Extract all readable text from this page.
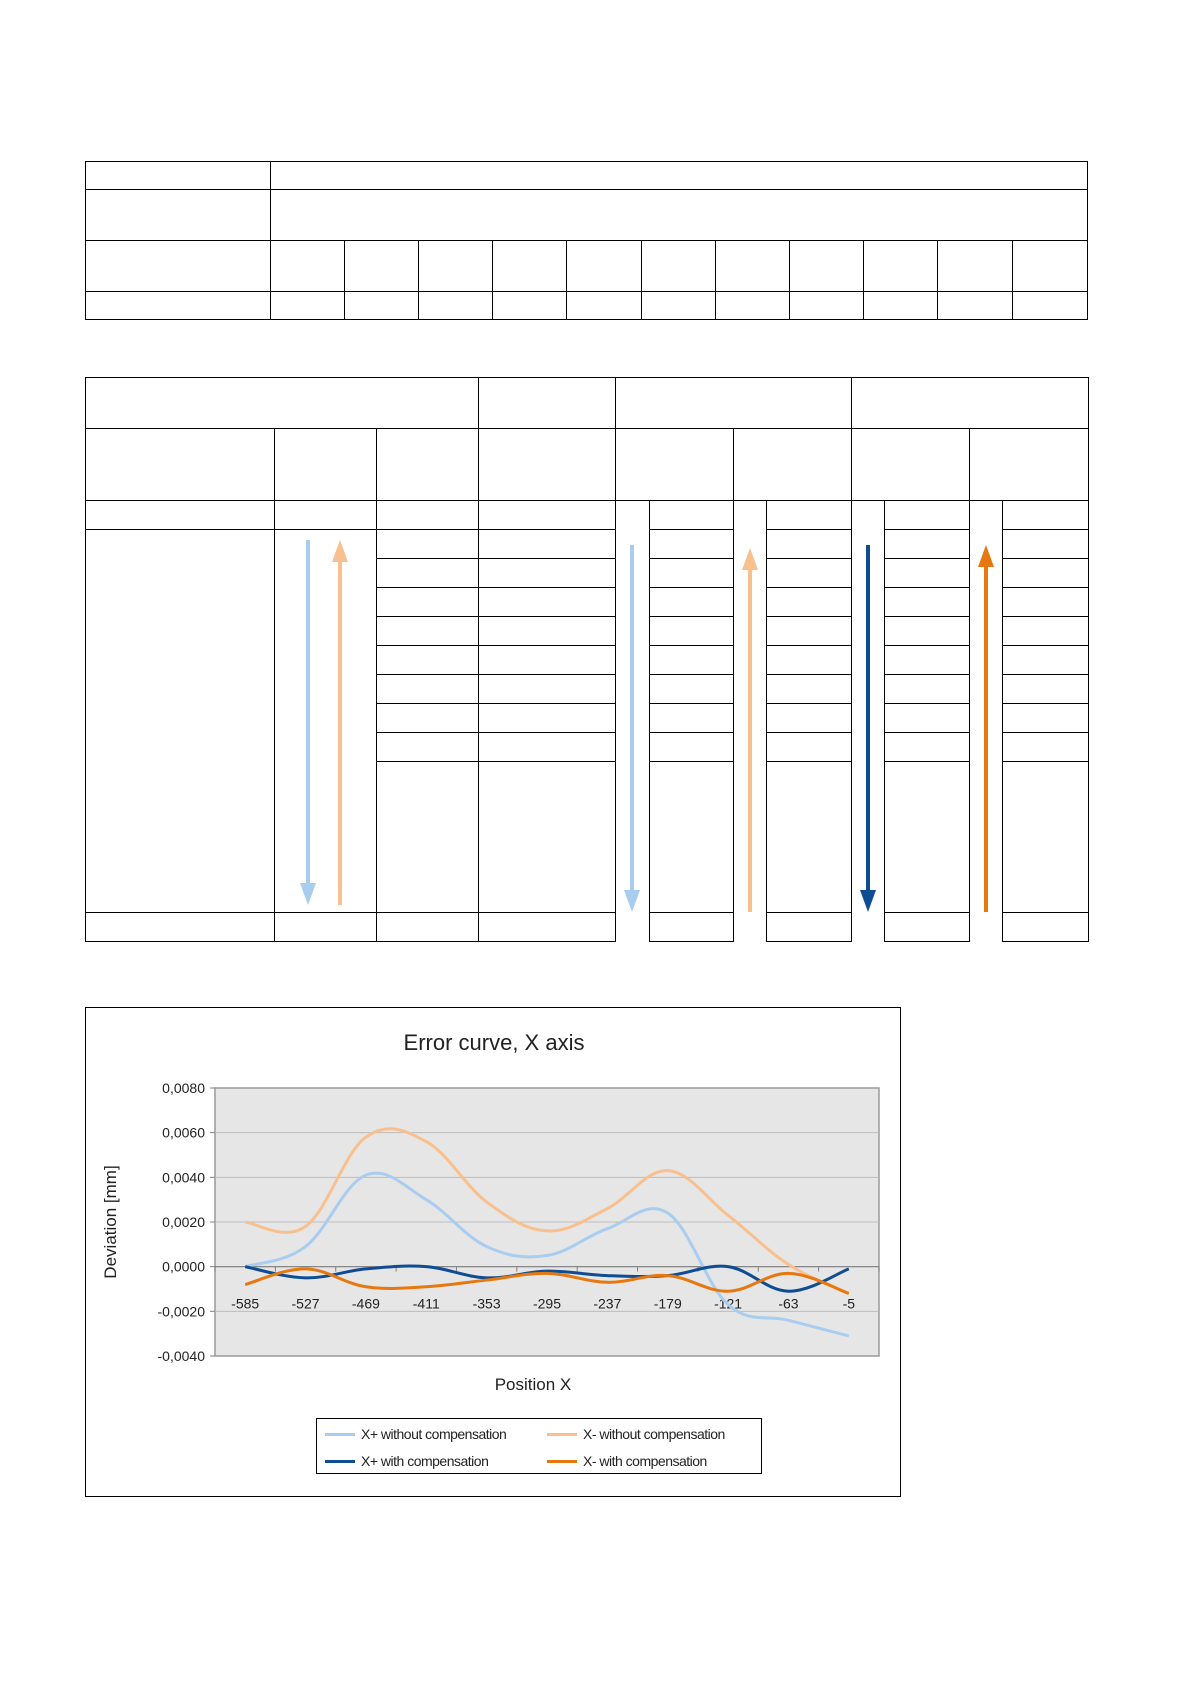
Error curve, X axis
0,0080
0,0060
0,0040
0,0020
0,0000
-0,0020
-0,0040
-585 -527 -469 -411 -353 -295 -237 -179 -121	-63	-5
Deviation [mm]
Position X
X+ without compensation	X- without compensation
X+ with compensation	X- with compensation
